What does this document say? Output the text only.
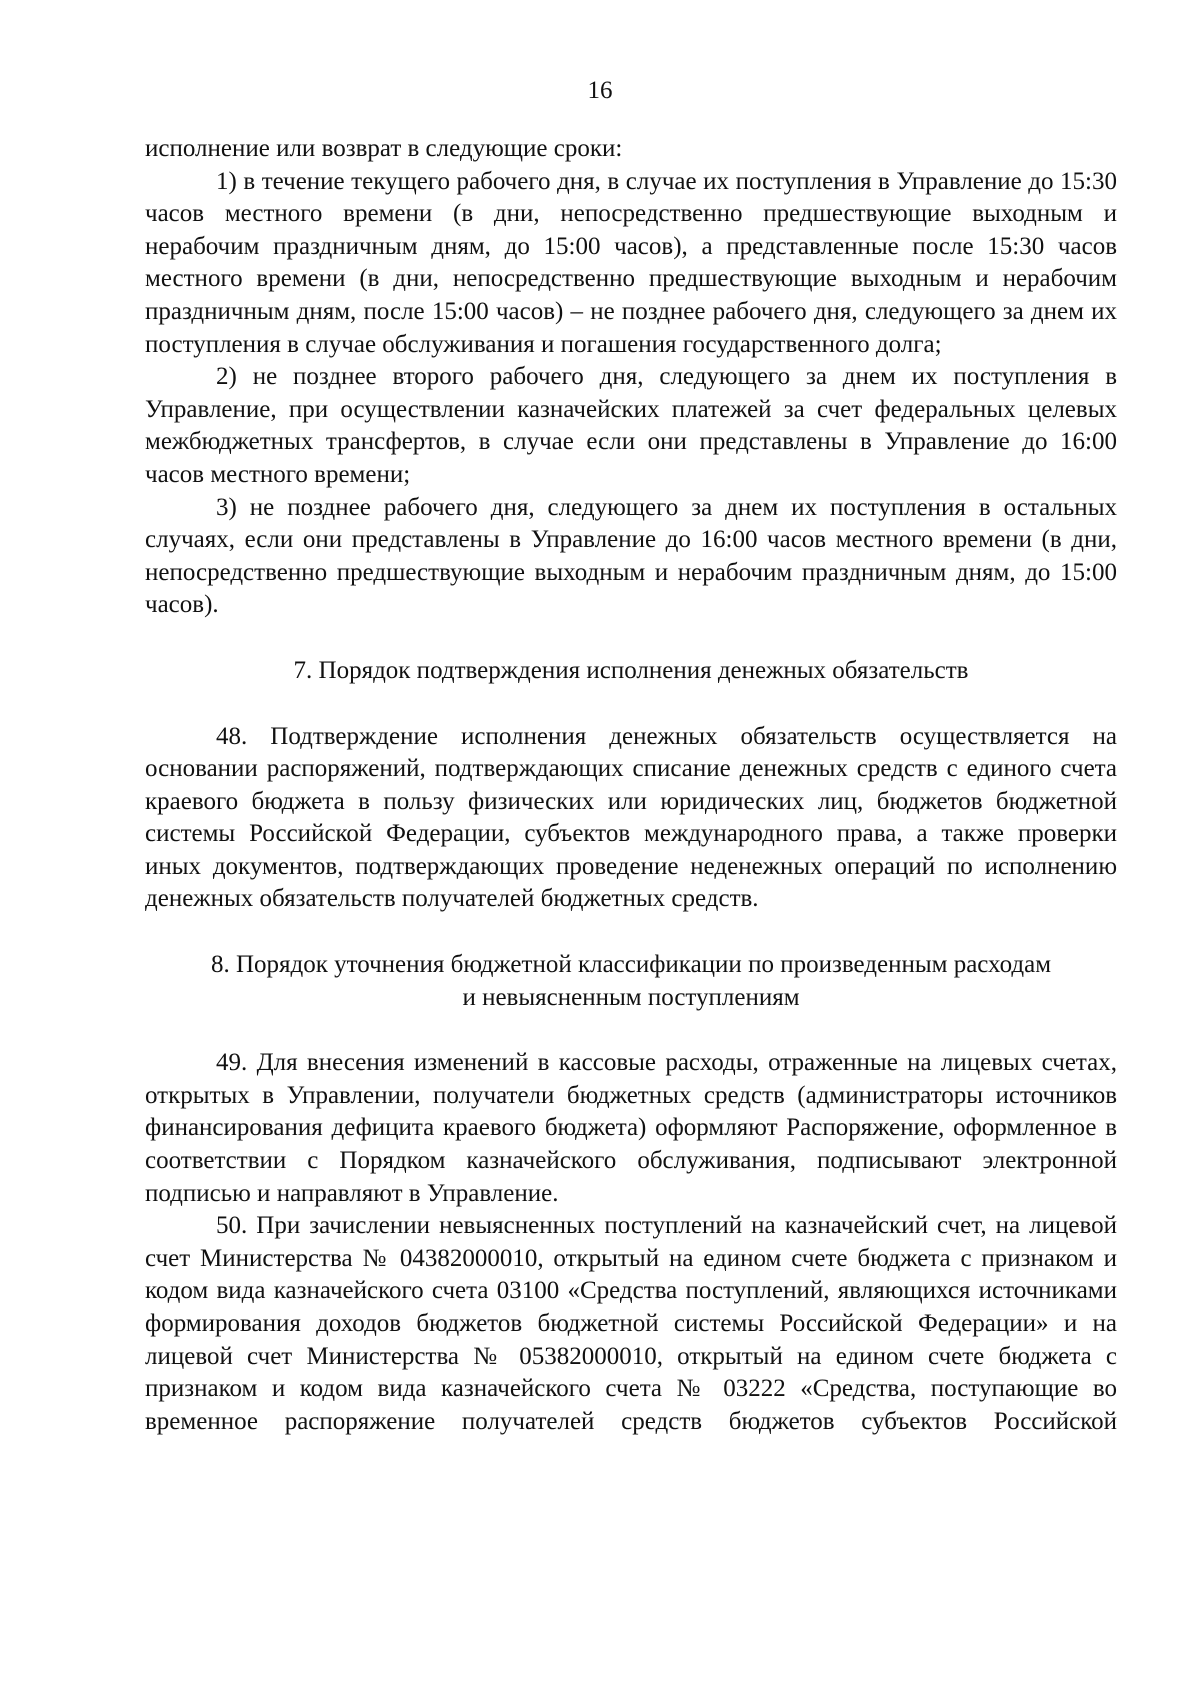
16

исполнение или возврат в следующие сроки:

1) в течение текущего рабочего дня, в случае их поступления в Управление до 15:30 часов местного времени (в дни, непосредственно предшествующие выходным и нерабочим праздничным дням, до 15:00 часов), а представленные после 15:30 часов местного времени (в дни, непосредственно предшествующие выходным и нерабочим праздничным дням, после 15:00 часов) – не позднее рабочего дня, следующего за днем их поступления в случае обслуживания и погашения государственного долга;

2) не позднее второго рабочего дня, следующего за днем их поступления в Управление, при осуществлении казначейских платежей за счет федеральных целевых межбюджетных трансфертов, в случае если они представлены в Управление до 16:00 часов местного времени;

3) не позднее рабочего дня, следующего за днем их поступления в остальных случаях, если они представлены в Управление до 16:00 часов местного времени (в дни, непосредственно предшествующие выходным и нерабочим праздничным дням, до 15:00 часов).

7. Порядок подтверждения исполнения денежных обязательств

48. Подтверждение исполнения денежных обязательств осуществляется на основании распоряжений, подтверждающих списание денежных средств с единого счета краевого бюджета в пользу физических или юридических лиц, бюджетов бюджетной системы Российской Федерации, субъектов международного права, а также проверки иных документов, подтверждающих проведение неденежных операций по исполнению денежных обязательств получателей бюджетных средств.

8. Порядок уточнения бюджетной классификации по произведенным расходам
и невыясненным поступлениям

49. Для внесения изменений в кассовые расходы, отраженные на лицевых счетах, открытых в Управлении, получатели бюджетных средств (администраторы источников финансирования дефицита краевого бюджета) оформляют Распоряжение, оформленное в соответствии с Порядком казначейского обслуживания, подписывают электронной подписью и направляют в Управление.

50. При зачислении невыясненных поступлений на казначейский счет, на лицевой счет Министерства № 04382000010, открытый на едином счете бюджета с признаком и кодом вида казначейского счета 03100 «Средства поступлений, являющихся источниками формирования доходов бюджетов бюджетной системы Российской Федерации» и на лицевой счет Министерства № 05382000010, открытый на едином счете бюджета с признаком и кодом вида казначейского счета № 03222 «Средства, поступающие во временное распоряжение получателей средств бюджетов субъектов Российской
